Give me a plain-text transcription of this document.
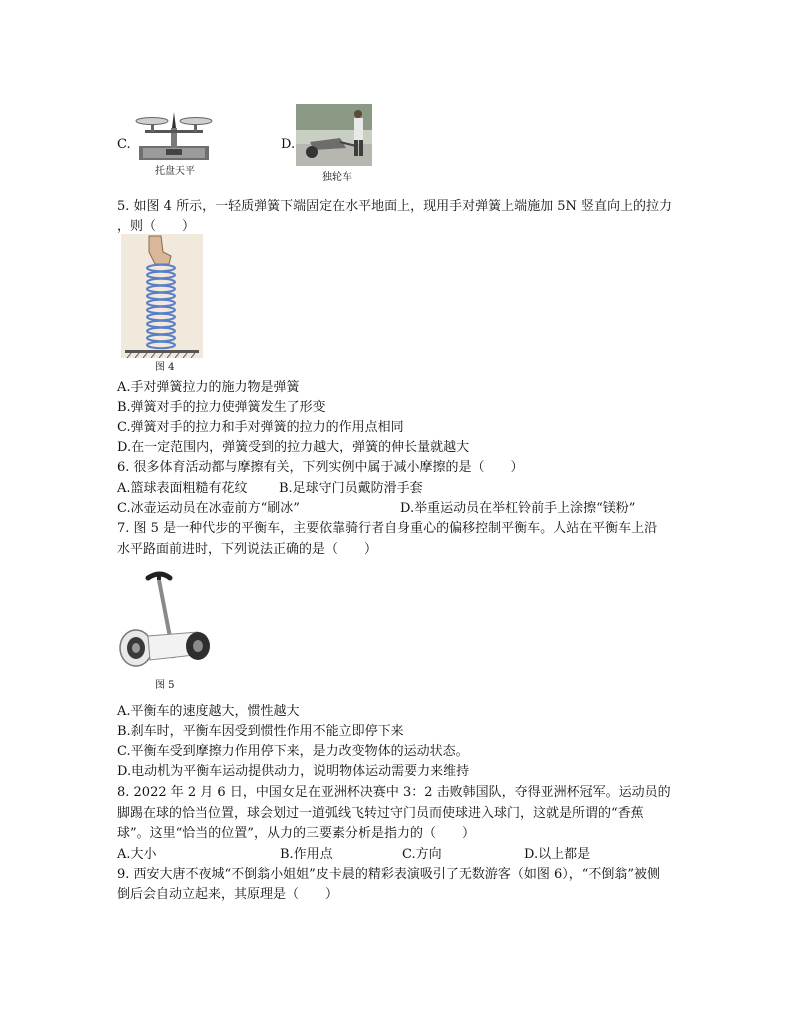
C.
托盘天平
D.
独轮车
5. 如图 4 所示，一轻质弹簧下端固定在水平地面上，现用手对弹簧上端施加 5N 竖直向上的拉力
图 4
A.手对弹簧拉力的施力物是弹簧
B.弹簧对手的拉力使弹簧发生了形变
C.弹簧对手的拉力和手对弹簧的拉力的作用点相同
D.在一定范围内，弹簧受到的拉力越大，弹簧的伸长量就越大
6. 很多体育活动都与摩擦有关，下列实例中属于减小摩擦的是（　　）
A.篮球表面粗糙有花纹 B.足球守门员戴防滑手套
C.冰壶运动员在冰壶前方“刷冰”	D.举重运动员在举杠铃前手上涂擦“镁粉”
7. 图 5 是一种代步的平衡车，主要依靠骑行者自身重心的偏移控制平衡车。人站在平衡车上沿
水平路面前进时，下列说法正确的是（　　）
图 5
A.平衡车的速度越大，惯性越大
B.刹车时，平衡车因受到惯性作用不能立即停下来
C.平衡车受到摩擦力作用停下来，是力改变物体的运动状态。
D.电动机为平衡车运动提供动力，说明物体运动需要力来维持
8. 2022 年 2 月 6 日，中国女足在亚洲杯决赛中 3：2 击败韩国队，夺得亚洲杯冠军。运动员的
脚踢在球的恰当位置，球会划过一道弧线飞转过守门员而使球进入球门，这就是所谓的“香蕉
球”。这里“恰当的位置”，从力的三要素分析是指力的（　　）
A.大小	B.作用点	C.方向	D.以上都是
9. 西安大唐不夜城“不倒翁小姐姐”皮卡晨的精彩表演吸引了无数游客（如图 6），“不倒翁”被侧
倒后会自动立起来，其原理是（　　）
，则（　　）
